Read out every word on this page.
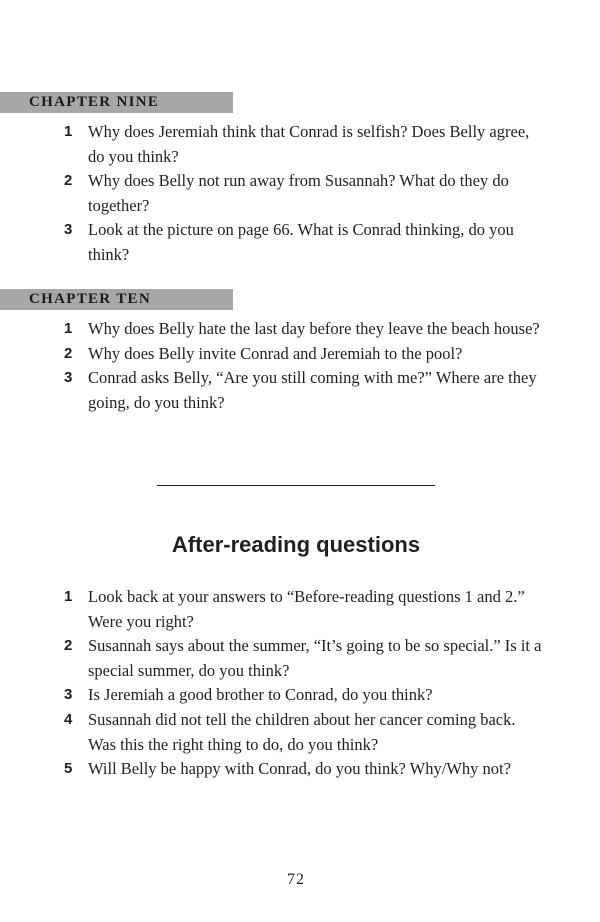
CHAPTER NINE
1 Why does Jeremiah think that Conrad is selfish? Does Belly agree, do you think?
2 Why does Belly not run away from Susannah? What do they do together?
3 Look at the picture on page 66. What is Conrad thinking, do you think?
CHAPTER TEN
1 Why does Belly hate the last day before they leave the beach house?
2 Why does Belly invite Conrad and Jeremiah to the pool?
3 Conrad asks Belly, “Are you still coming with me?” Where are they going, do you think?
After-reading questions
1 Look back at your answers to “Before-reading questions 1 and 2.” Were you right?
2 Susannah says about the summer, “It’s going to be so special.” Is it a special summer, do you think?
3 Is Jeremiah a good brother to Conrad, do you think?
4 Susannah did not tell the children about her cancer coming back. Was this the right thing to do, do you think?
5 Will Belly be happy with Conrad, do you think? Why/Why not?
72
